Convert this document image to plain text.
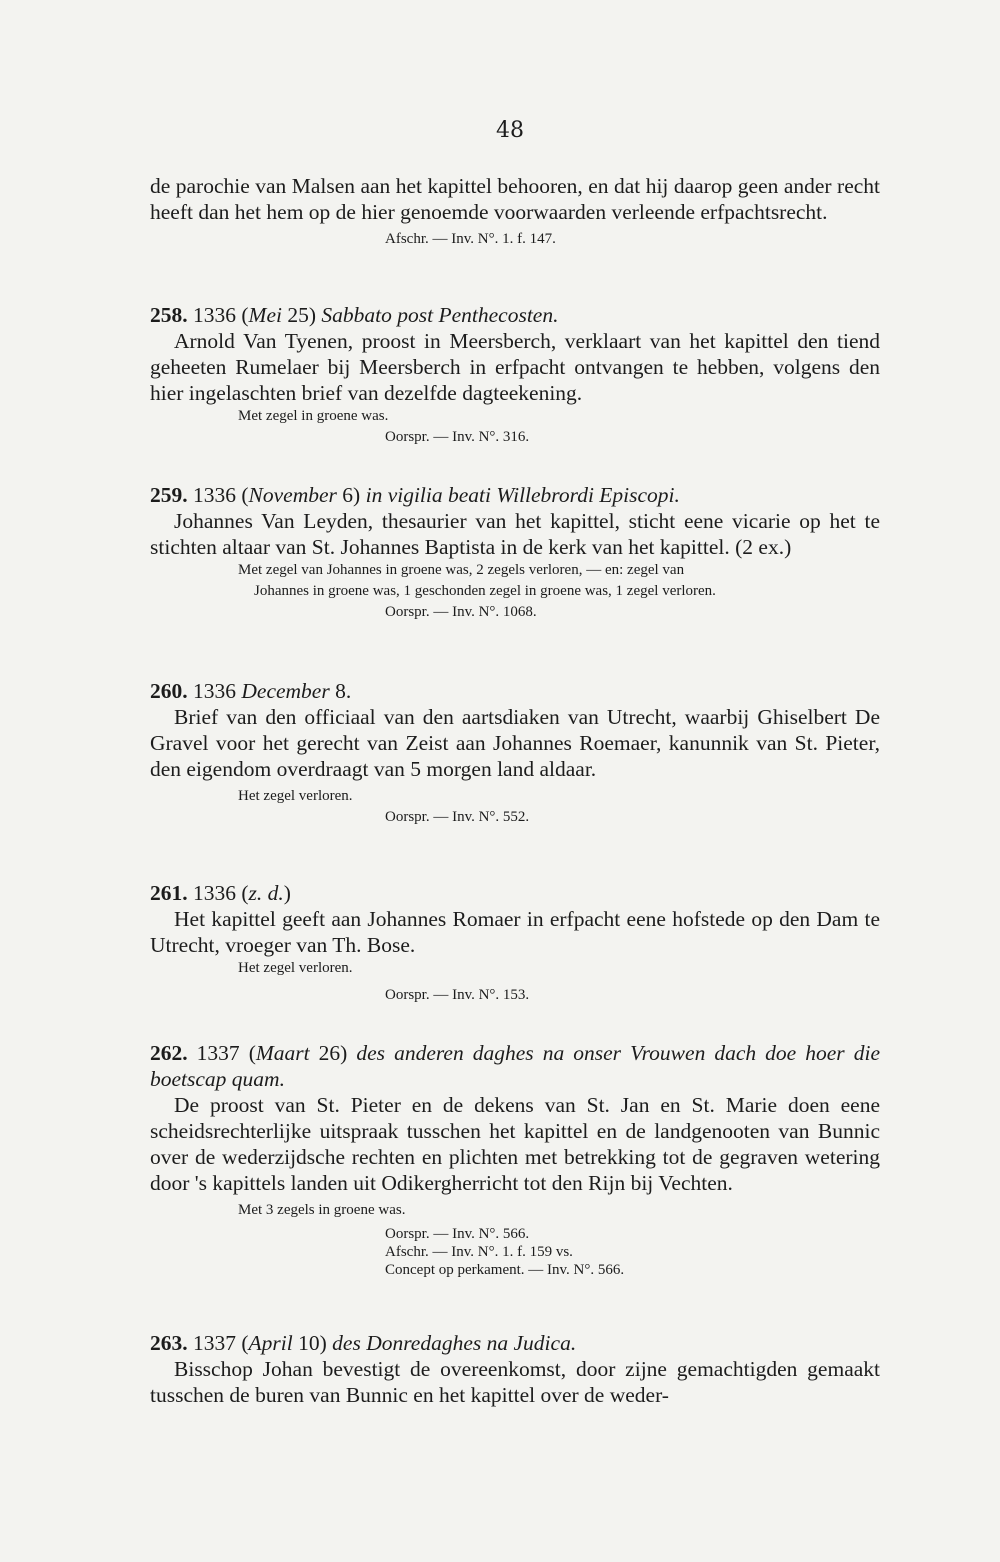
48

de parochie van Malsen aan het kapittel behooren, en dat hij daarop geen ander recht heeft dan het hem op de hier genoemde voorwaarden verleende erfpachtsrecht.

Afschr. — Inv. N°. 1. f. 147.

258. 1336 (Mei 25) Sabbato post Penthecosten.

Arnold Van Tyenen, proost in Meersberch, verklaart van het kapittel den tiend geheeten Rumelaer bij Meersberch in erfpacht ontvangen te hebben, volgens den hier ingelaschten brief van dezelfde dagteekening.

Met zegel in groene was.
Oorspr. — Inv. N°. 316.

259. 1336 (November 6) in vigilia beati Willebrordi Episcopi.

Johannes Van Leyden, thesaurier van het kapittel, sticht eene vicarie op het te stichten altaar van St. Johannes Baptista in de kerk van het kapittel. (2 ex.)

Met zegel van Johannes in groene was, 2 zegels verloren, — en: zegel van
Johannes in groene was, 1 geschonden zegel in groene was, 1 zegel verloren.
Oorspr. — Inv. N°. 1068.

260. 1336 December 8.

Brief van den officiaal van den aartsdiaken van Utrecht, waarbij Ghiselbert De Gravel voor het gerecht van Zeist aan Johannes Roemaer, kanunnik van St. Pieter, den eigendom overdraagt van 5 morgen land aldaar.

Het zegel verloren.
Oorspr. — Inv. N°. 552.

261. 1336 (z. d.)

Het kapittel geeft aan Johannes Romaer in erfpacht eene hofstede op den Dam te Utrecht, vroeger van Th. Bose.

Het zegel verloren.
Oorspr. — Inv. N°. 153.

262. 1337 (Maart 26) des anderen daghes na onser Vrouwen dach doe hoer die boetscap quam.

De proost van St. Pieter en de dekens van St. Jan en St. Marie doen eene scheidsrechterlijke uitspraak tusschen het kapittel en de landgenooten van Bunnic over de wederzijdsche rechten en plichten met betrekking tot de gegraven wetering door 's kapittels landen uit Odikergherricht tot den Rijn bij Vechten.

Met 3 zegels in groene was.
Oorspr. — Inv. N°. 566.
Afschr. — Inv. N°. 1. f. 159 vs.
Concept op perkament. — Inv. N°. 566.

263. 1337 (April 10) des Donredaghes na Judica.

Bisschop Johan bevestigt de overeenkomst, door zijne gemachtigden gemaakt tusschen de buren van Bunnic en het kapittel over de weder-
